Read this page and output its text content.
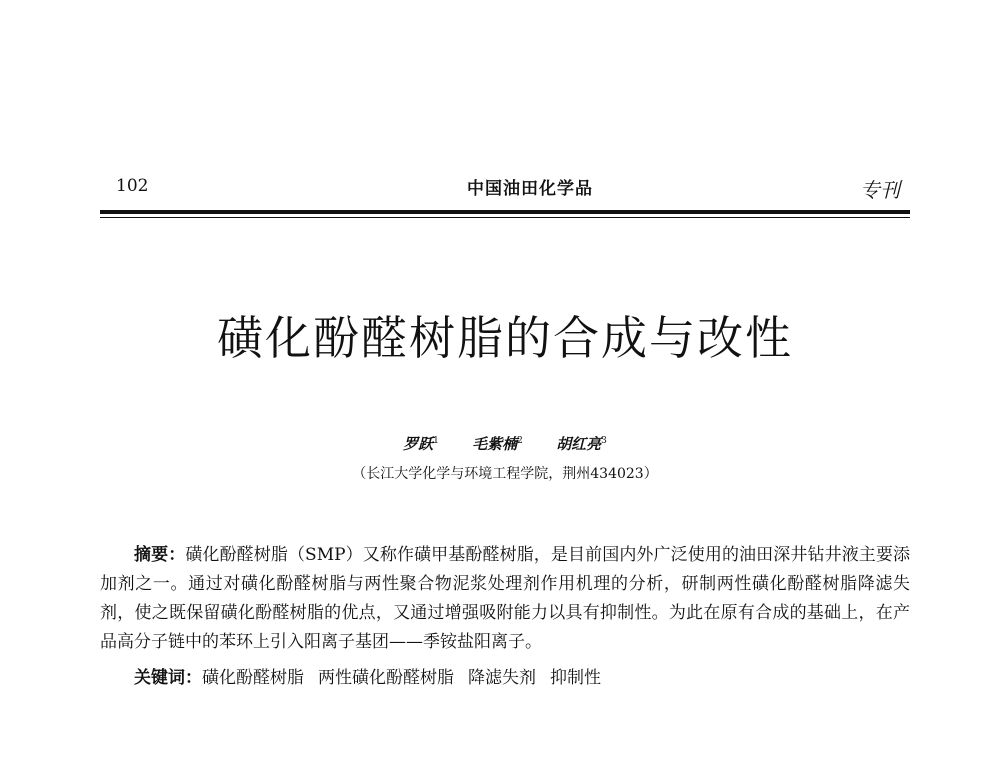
102	中国油田化学品	专刊
磺化酚醛树脂的合成与改性
罗跃$^1$ 毛紫楠$^2$ 胡红亮$^3$
（长江大学化学与环境工程学院，荆州434023）

摘要：磺化酚醛树脂（SMP）又称作磺甲基酚醛树脂，是目前国内外广泛使用的油田深井钻井液主要添加剂之一。通过对磺化酚醛树脂与两性聚合物泥浆处理剂作用机理的分析，研制两性磺化酚醛树脂降滤失剂，使之既保留磺化酚醛树脂的优点，又通过增强吸附能力以具有抑制性。为此在原有合成的基础上，在产品高分子链中的苯环上引入阳离子基团——季铵盐阳离子。

关键词：磺化酚醛树脂 两性磺化酚醛树脂 降滤失剂 抑制性
